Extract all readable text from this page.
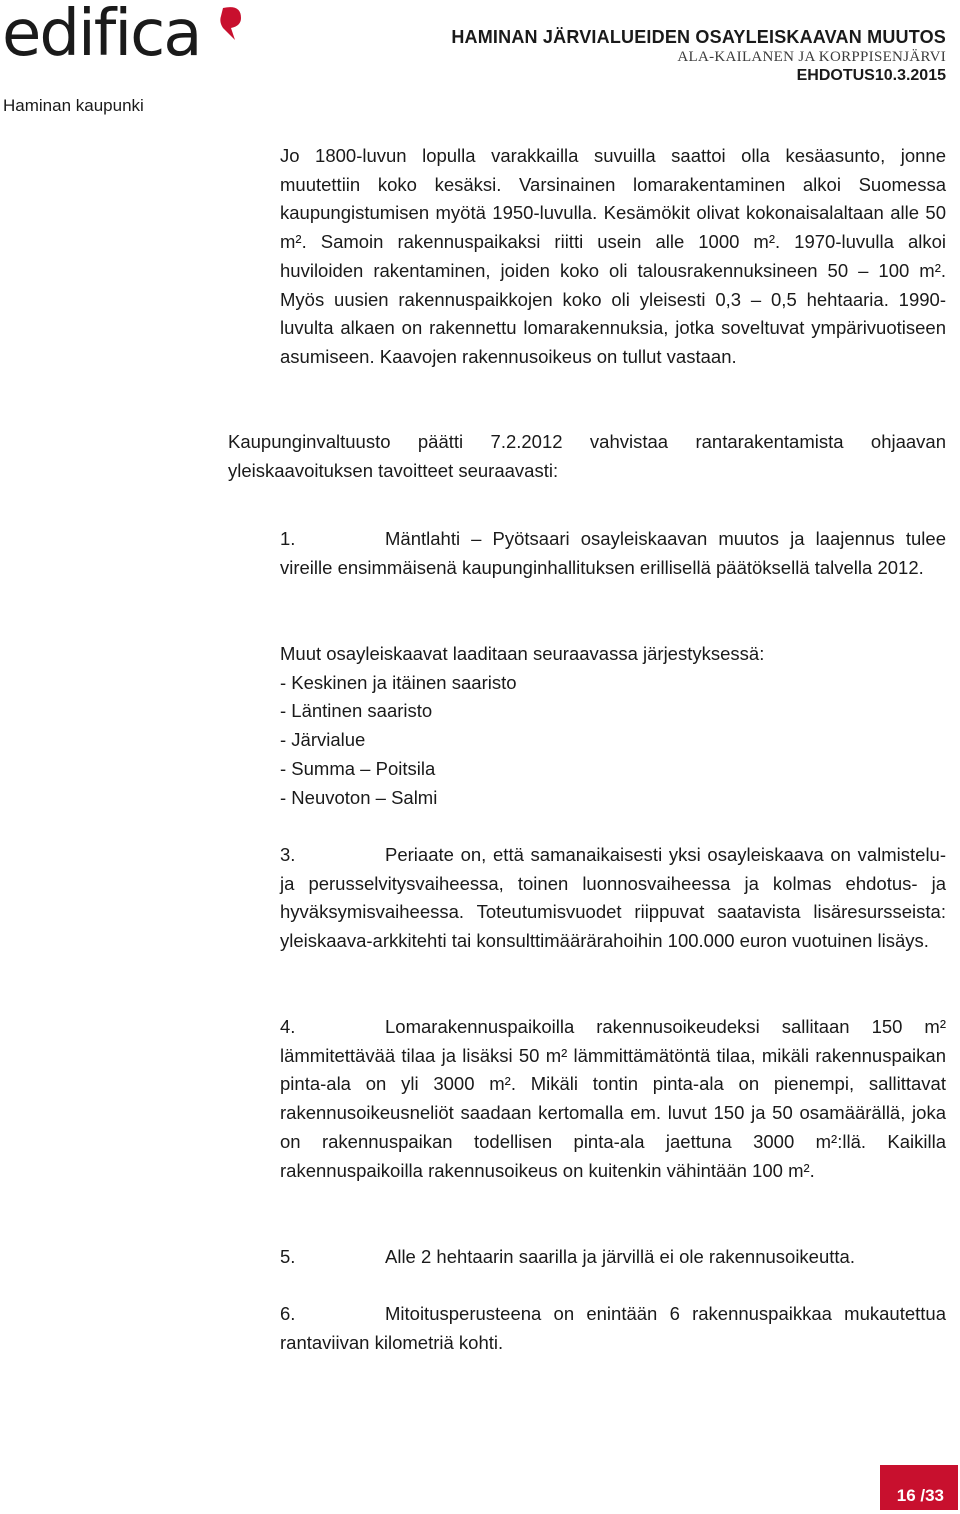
edifica
Haminan kaupunki
HAMINAN JÄRVIALUEIDEN OSAYLEISKAAVAN MUUTOS
ALA-KAILANEN JA KORPPISENJÄRVI
EHDOTUS10.3.2015
Jo 1800-luvun lopulla varakkailla suvuilla saattoi olla kesäasunto, jonne muutettiin koko kesäksi. Varsinainen lomarakentaminen alkoi Suomessa kaupungistumisen myötä 1950-luvulla. Kesämökit olivat kokonaisalaltaan alle 50 m². Samoin rakennuspaikaksi riitti usein alle 1000 m². 1970-luvulla alkoi huviloiden rakentaminen, joiden koko oli talousrakennuksineen 50 – 100 m². Myös uusien rakennuspaikkojen koko oli yleisesti 0,3 – 0,5 hehtaaria. 1990-luvulta alkaen on rakennettu lomarakennuksia, jotka soveltuvat ympärivuotiseen asumiseen. Kaavojen rakennusoikeus on tullut vastaan.
Kaupunginvaltuusto päätti 7.2.2012 vahvistaa rantarakentamista ohjaavan yleiskaavoituksen tavoitteet seuraavasti:
1.	Mäntlahti – Pyötsaari osayleiskaavan muutos ja laajennus tulee vireille ensimmäisenä kaupunginhallituksen erillisellä päätöksellä talvella 2012.
Muut osayleiskaavat laaditaan seuraavassa järjestyksessä:
- Keskinen ja itäinen saaristo
- Läntinen saaristo
- Järvialue
- Summa – Poitsila
- Neuvoton – Salmi
3.	Periaate on, että samanaikaisesti yksi osayleiskaava on valmistelu- ja perusselvitysvaiheessa, toinen luonnosvaiheessa ja kolmas ehdotus- ja hyväksymisvaiheessa. Toteutumisvuodet riippuvat saatavista lisäresursseista: yleiskaava-arkkitehti tai konsulttimäärärahoihin 100.000 euron vuotuinen lisäys.
4.	Lomarakennuspaikoilla rakennusoikeudeksi sallitaan 150 m² lämmitettävää tilaa ja lisäksi 50 m² lämmittämätöntä tilaa, mikäli rakennuspaikan pinta-ala on yli 3000 m². Mikäli tontin pinta-ala on pienempi, sallittavat rakennusoikeusneliöt saadaan kertomalla em. luvut 150 ja 50 osamäärällä, joka on rakennuspaikan todellisen pinta-ala jaettuna 3000 m²:llä. Kaikilla rakennuspaikoilla rakennusoikeus on kuitenkin vähintään 100 m².
5.	Alle 2 hehtaarin saarilla ja järvillä ei ole rakennusoikeutta.
6.	Mitoitusperusteena on enintään 6 rakennuspaikkaa mukautettua rantaviivan kilometriä kohti.
16 /33
